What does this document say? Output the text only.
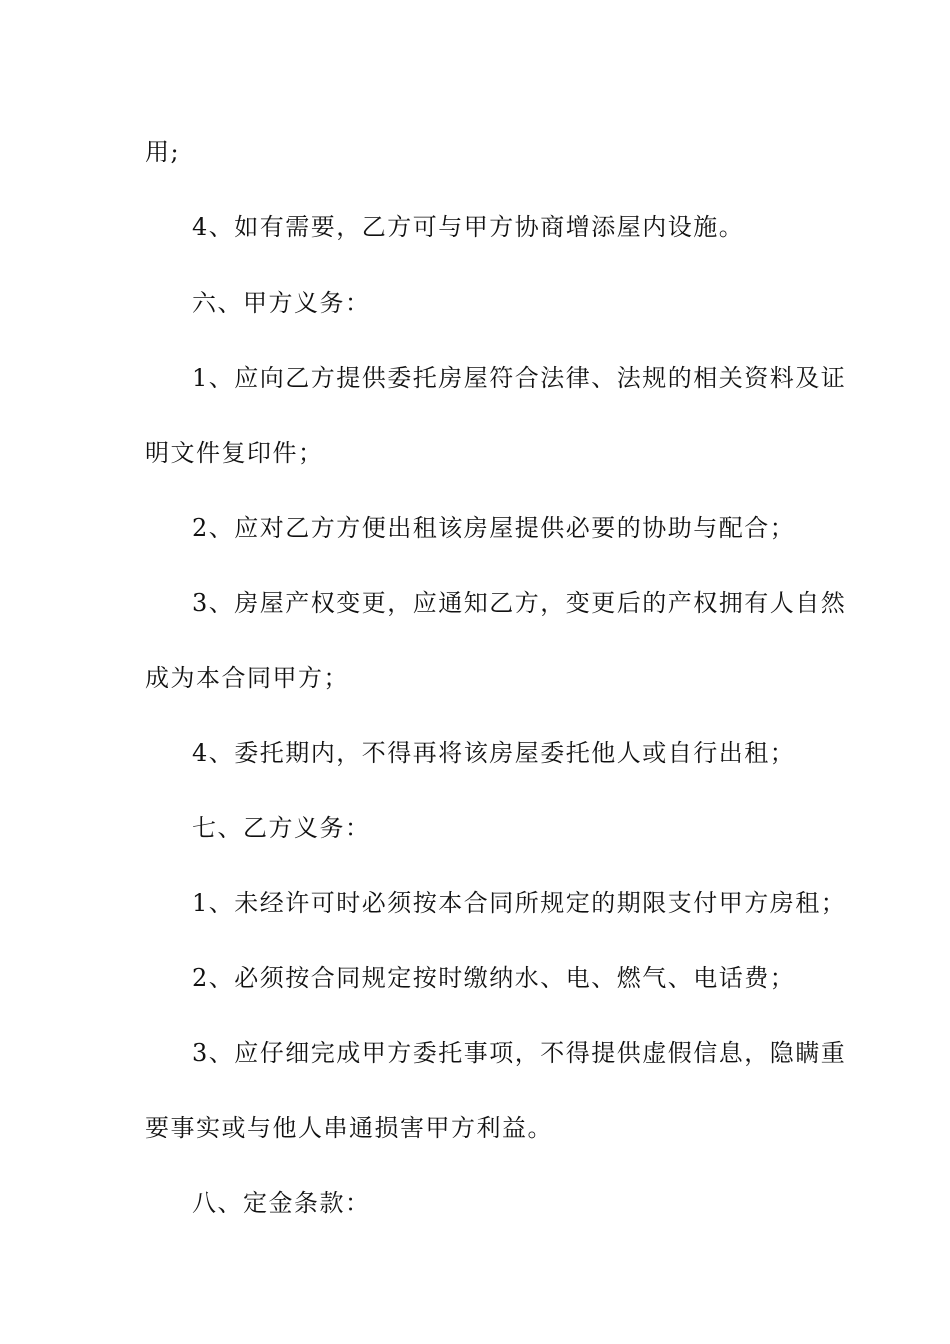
用;
4、如有需要，乙方可与甲方协商增添屋内设施。
六、甲方义务：
1、应向乙方提供委托房屋符合法律、法规的相关资料及证
明文件复印件；
2、应对乙方方便出租该房屋提供必要的协助与配合；
3、房屋产权变更，应通知乙方，变更后的产权拥有人自然
成为本合同甲方；
4、委托期内，不得再将该房屋委托他人或自行出租；
七、乙方义务：
1、未经许可时必须按本合同所规定的期限支付甲方房租；
2、必须按合同规定按时缴纳水、电、燃气、电话费；
3、应仔细完成甲方委托事项，不得提供虚假信息，隐瞒重
要事实或与他人串通损害甲方利益。
八、定金条款：
